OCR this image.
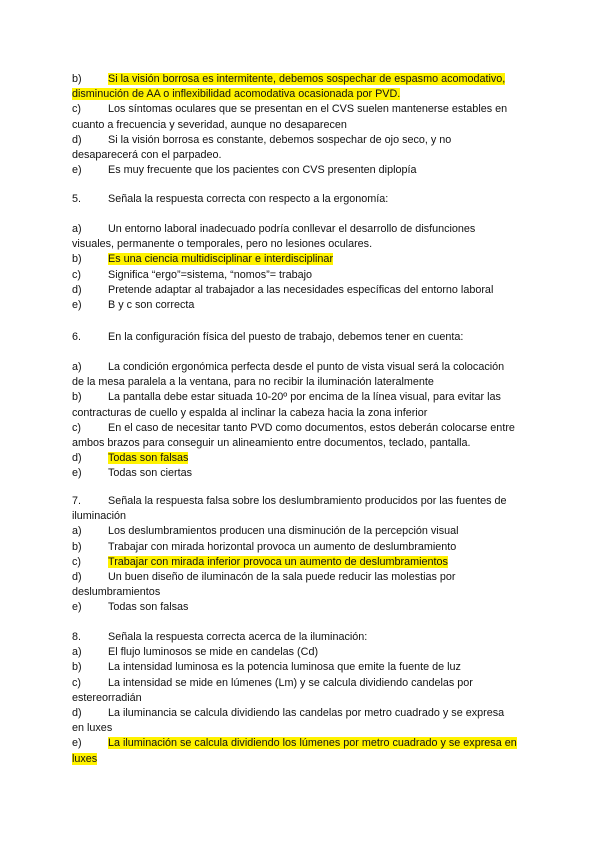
b) Si la visión borrosa es intermitente, debemos sospechar de espasmo acomodativo,
disminución de AA o inflexibilidad acomodativa ocasionada por PVD.
c)	Los síntomas oculares que se presentan en el CVS suelen mantenerse estables en
cuanto a frecuencia y severidad, aunque no desaparecen
d) Si la visión borrosa es constante, debemos sospechar de ojo seco, y no
desaparecerá con el parpadeo.
e) Es muy frecuente que los pacientes con CVS presenten diplopía
5. Señala la respuesta correcta con respecto a la ergonomía:
a) Un entorno laboral inadecuado podría conllevar el desarrollo de disfunciones
visuales, permanente o temporales, pero no lesiones oculares.
b) Es una ciencia multidisciplinar e interdisciplinar
c)	Significa “ergo”=sistema, “nomos”= trabajo
d) Pretende adaptar al trabajador a las necesidades específicas del entorno laboral
e) B y c son correcta
6. En la configuración física del puesto de trabajo, debemos tener en cuenta:
a) La condición ergonómica perfecta desde el punto de vista visual será la colocación
de la mesa paralela a la ventana, para no recibir la iluminación lateralmente
b) La pantalla debe estar situada 10-20º por encima de la línea visual, para evitar las
contracturas de cuello y espalda al inclinar la cabeza hacia la zona inferior
c)	En el caso de necesitar tanto PVD como documentos, estos deberán colocarse entre
ambos brazos para conseguir un alineamiento entre documentos, teclado, pantalla.
d) Todas son falsas
e) Todas son ciertas
7. Señala la respuesta falsa sobre los deslumbramiento producidos por las fuentes de
iluminación
a) Los deslumbramientos producen una disminución de la percepción visual
b) Trabajar con mirada horizontal provoca un aumento de deslumbramiento
c)	Trabajar con mirada inferior provoca un aumento de deslumbramientos
d) Un buen diseño de iluminacón de la sala puede reducir las molestias por
deslumbramientos
e) Todas son falsas
8. Señala la respuesta correcta acerca de la iluminación:
a) El flujo luminosos se mide en candelas (Cd)
b) La intensidad luminosa es la potencia luminosa que emite la fuente de luz
c)	La intensidad se mide en lúmenes (Lm) y se calcula dividiendo candelas por
estereorradián
d) La iluminancia se calcula dividiendo las candelas por metro cuadrado y se expresa
en luxes
e) La iluminación se calcula dividiendo los lúmenes por metro cuadrado y se expresa en
luxes
